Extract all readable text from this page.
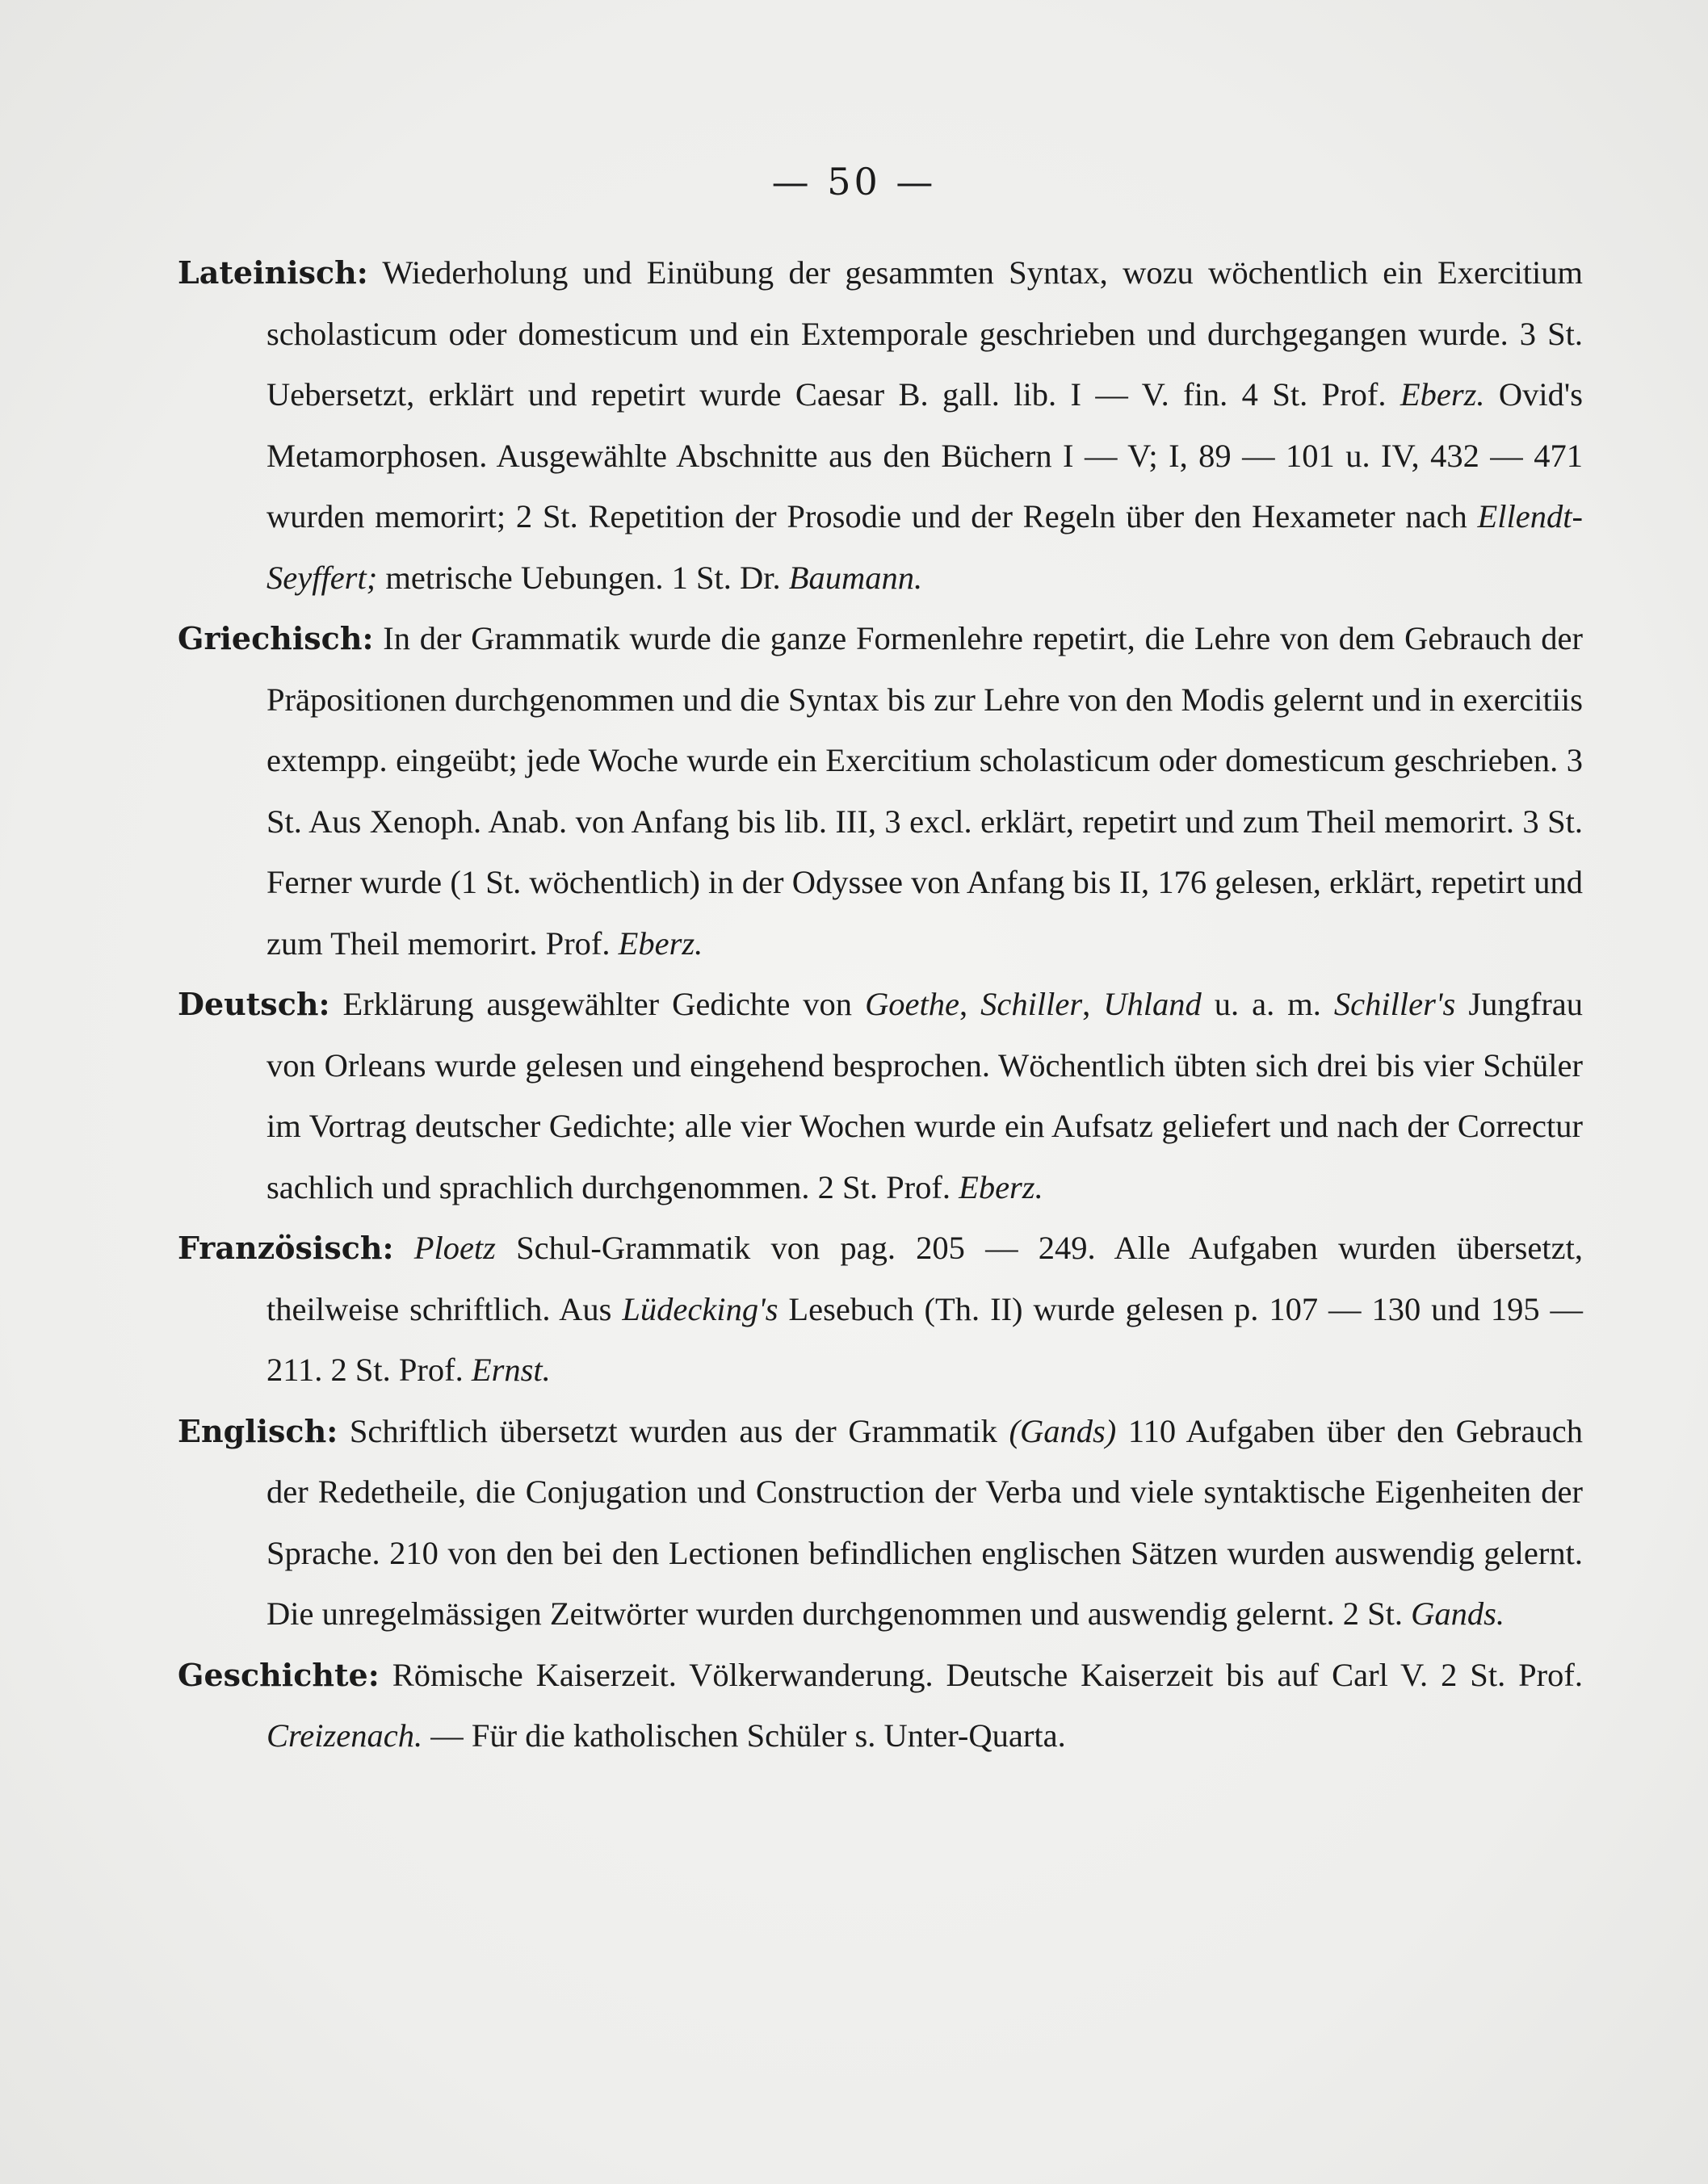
— 50 —

Lateinisch: Wiederholung und Einübung der gesammten Syntax, wozu wöchentlich ein Exercitium scholasticum oder domesticum und ein Extemporale geschrieben und durchgegangen wurde. 3 St. Uebersetzt, erklärt und repetirt wurde Caesar B. gall. lib. I — V. fin. 4 St. Prof. Eberz. Ovid's Metamorphosen. Ausgewählte Abschnitte aus den Büchern I — V; I, 89 — 101 u. IV, 432 — 471 wurden memorirt; 2 St. Repetition der Prosodie und der Regeln über den Hexameter nach Ellendt-Seyffert; metrische Uebungen. 1 St. Dr. Baumann.

Griechisch: In der Grammatik wurde die ganze Formenlehre repetirt, die Lehre von dem Gebrauch der Präpositionen durchgenommen und die Syntax bis zur Lehre von den Modis gelernt und in exercitiis extempp. eingeübt; jede Woche wurde ein Exercitium scholasticum oder domesticum geschrieben. 3 St. Aus Xenoph. Anab. von Anfang bis lib. III, 3 excl. erklärt, repetirt und zum Theil memorirt. 3 St. Ferner wurde (1 St. wöchentlich) in der Odyssee von Anfang bis II, 176 gelesen, erklärt, repetirt und zum Theil memorirt. Prof. Eberz.

Deutsch: Erklärung ausgewählter Gedichte von Goethe, Schiller, Uhland u. a. m. Schiller's Jungfrau von Orleans wurde gelesen und eingehend besprochen. Wöchentlich übten sich drei bis vier Schüler im Vortrag deutscher Gedichte; alle vier Wochen wurde ein Aufsatz geliefert und nach der Correctur sachlich und sprachlich durchgenommen. 2 St. Prof. Eberz.

Französisch: Ploetz Schul-Grammatik von pag. 205 — 249. Alle Aufgaben wurden übersetzt, theilweise schriftlich. Aus Lüdecking's Lesebuch (Th. II) wurde gelesen p. 107 — 130 und 195 — 211. 2 St. Prof. Ernst.

Englisch: Schriftlich übersetzt wurden aus der Grammatik (Gands) 110 Aufgaben über den Gebrauch der Redetheile, die Conjugation und Construction der Verba und viele syntaktische Eigenheiten der Sprache. 210 von den bei den Lectionen befindlichen englischen Sätzen wurden auswendig gelernt. Die unregelmässigen Zeitwörter wurden durchgenommen und auswendig gelernt. 2 St. Gands.

Geschichte: Römische Kaiserzeit. Völkerwanderung. Deutsche Kaiserzeit bis auf Carl V. 2 St. Prof. Creizenach. — Für die katholischen Schüler s. Unter-Quarta.
